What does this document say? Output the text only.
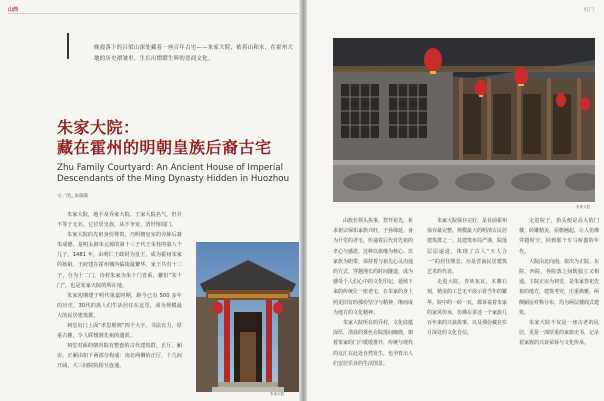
山西
晚霞落下的吕梁山深处藏着一座百年古宅——朱家大院，依着山和水，在霍州大地的历史褶皱里，生长出熠熠生辉的晋商文化。
朱家大院：
藏在霍州的明朝皇族后裔古宅
Zhu Family Courtyard: An Ancient House of Imperial Descendants of the Ming Dynasty Hidden in Huozhou
文／图_ 朱晓晖

朱家大院，地不及乔家大院、王家大院名气，但并不等于无名。它位居皇族，从不争宠，清世馆闻门。

朱家大院的先祖身份尊贵，乃明朝皇室的旁脉后裔朱成德。是明太祖朱元璋的第十三子代王朱桂的第八个儿子。1481 年，由明仁王政封为皇王，成为霍州朱家的始祖。王府建在霍州城内临街最繁华。家王共有十二子，分为十二门，诗村朱家为朱十门直系，繁衍“朱十门”，也是朱家大院的所在地。

朱家初期建于明代第嘉时期，距今已有 500 多年的历史，30代的族人们生活居住在这里，成为规模最大的民居建筑群。

祠堂出门上面“孝思维则”四个大字，书法有力，厚重古雅，令人联想到先祖的遗训。

祠堂对面的朝内院有整套的古代建筑群，正厅、厢房、正厢由如下两部分构成：南北两侧的正厅，十几间开阔，大三间院院相互连通。

朱家大院
红门
朱家大院

由族长领头执事，祭拜祖先，祈求祖宗保佑家族兴旺，子孙绵延。身为升堂的老宅，传递着后代对先祖的孝心与感恩，这种以血缘为核心、以家族为纽带，保持着与祖先心灵沟通的方式，穿越漫长的时间隧道，成为感受千人们心中的文化印记，延续下来的传统让一座老宅，在朱家的身上照见旧有的那份坚守与精神，继而成为地方的文化精神。

朱家大院所在的乔村，文化底蕴深厚，清晨的雾色在院落间缠绕，朝着朱家的门户缓缓推开，传统与现代的交汇在此处自然发生，也孕育出人们安居乐业的生活图景。

朱家大院保存完好，是目前霍州保存最完整、规模最大的明清古民居建筑群之一。其建筑布局严谨，院落层层递进，体现了古人“天人合一”的居住理念，亦是晋南民居建筑艺术的代表。

走进大院，青砖灰瓦，木雕石刻，精美的工艺无不展示着当年的繁华。院中的一砖一瓦，都诉说着朱家的家风传承，仿佛在讲述一个家族几百年来的兴衰故事，以及那份藏在岁月深处的文化自信。

走进院子，抬头便是高大的门楼，砖雕精美，屋檐翘起，让人仿佛穿越时空，回到那个车马喧嚣的年代。

大院由北向南，依次为正院、东院、西院，各院落之间既独立又相通。主院正房为祠堂，是朱家祭祀先祖的地方，建筑考究，庄重典雅，两侧厢房对称分布，均为两层楼阁式建筑。

朱家大院不仅是一座古老的民居，更是一部厚重的家族史书，记录着家族的兴衰荣辱与文化传承。
